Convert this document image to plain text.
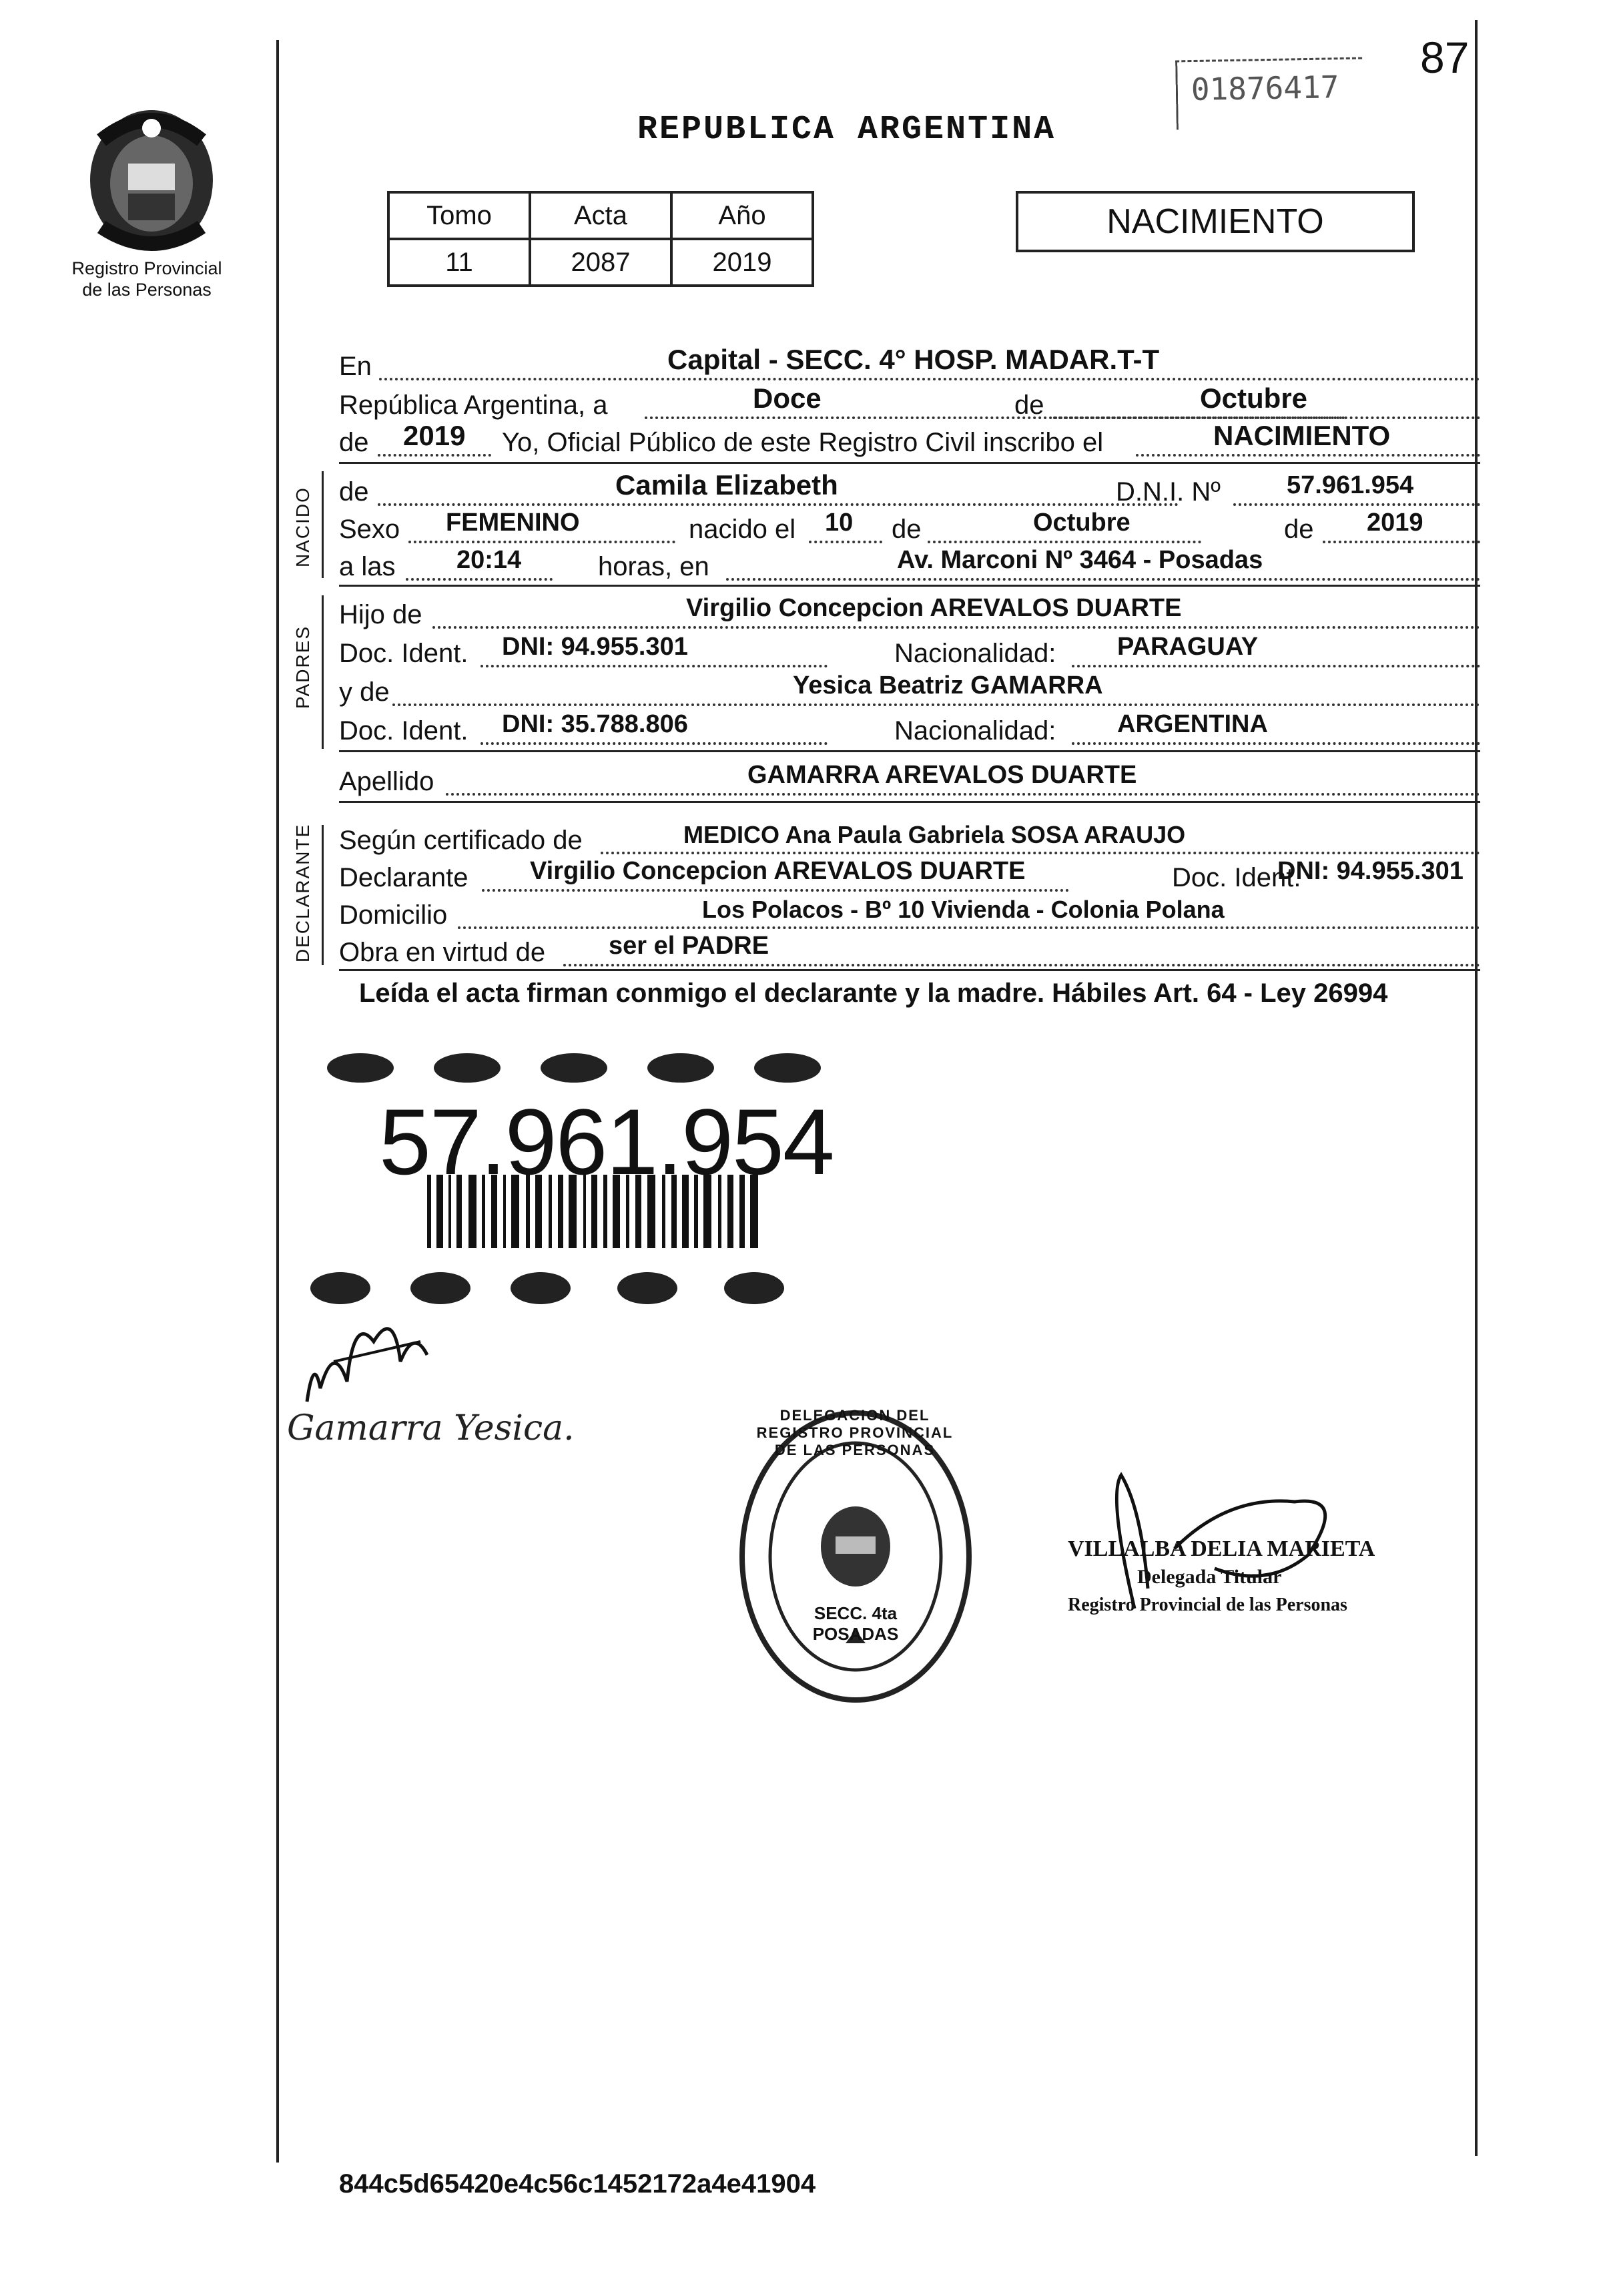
01876417
87
REPUBLICA ARGENTINA
Registro Provincial
de las Personas
Tomo	Acta	Año
11	2087	2019
NACIMIENTO
En	Capital - SECC. 4° HOSP. MADAR.T-T
República Argentina, a	Doce	de	Octubre
de 2019 Yo, Oficial Público de este Registro Civil inscribo el	NACIMIENTO
NACIDO de	Camila Elizabeth	D.N.I. Nº	57.961.954
Sexo FEMENINO	nacido el 10 de	Octubre	de 2019
a las 20:14	horas, en	Av. Marconi Nº 3464 - Posadas
PADRES
Hijo de	Virgilio Concepcion AREVALOS DUARTE
Doc. Ident. DNI: 94.955.301	Nacionalidad: PARAGUAY
y de	Yesica Beatriz GAMARRA
Doc. Ident. DNI: 35.788.806	Nacionalidad: ARGENTINA
Apellido	GAMARRA AREVALOS DUARTE
DECLARANTE Según certificado de	MEDICO Ana Paula Gabriela SOSA ARAUJO
Declarante Virgilio Concepcion AREVALOS DUARTE	Doc. Ident.
DNI: 94.955.301
Domicilio	Los Polacos - Bº 10 Vivienda - Colonia Polana
Obra en virtud de ser el PADRE
Leída el acta firman conmigo el declarante y la madre. Hábiles Art. 64 - Ley 26994
57.961.954
Gamarra Yesica.	DELEGACION DEL REGISTRO PROVINCIAL DE LAS PERSONAS
SECC. 4ta POSADAS
VILLALBA DELIA MARIETA
Delegada Titular
Registro Provincial de las Personas
844c5d65420e4c56c1452172a4e41904
